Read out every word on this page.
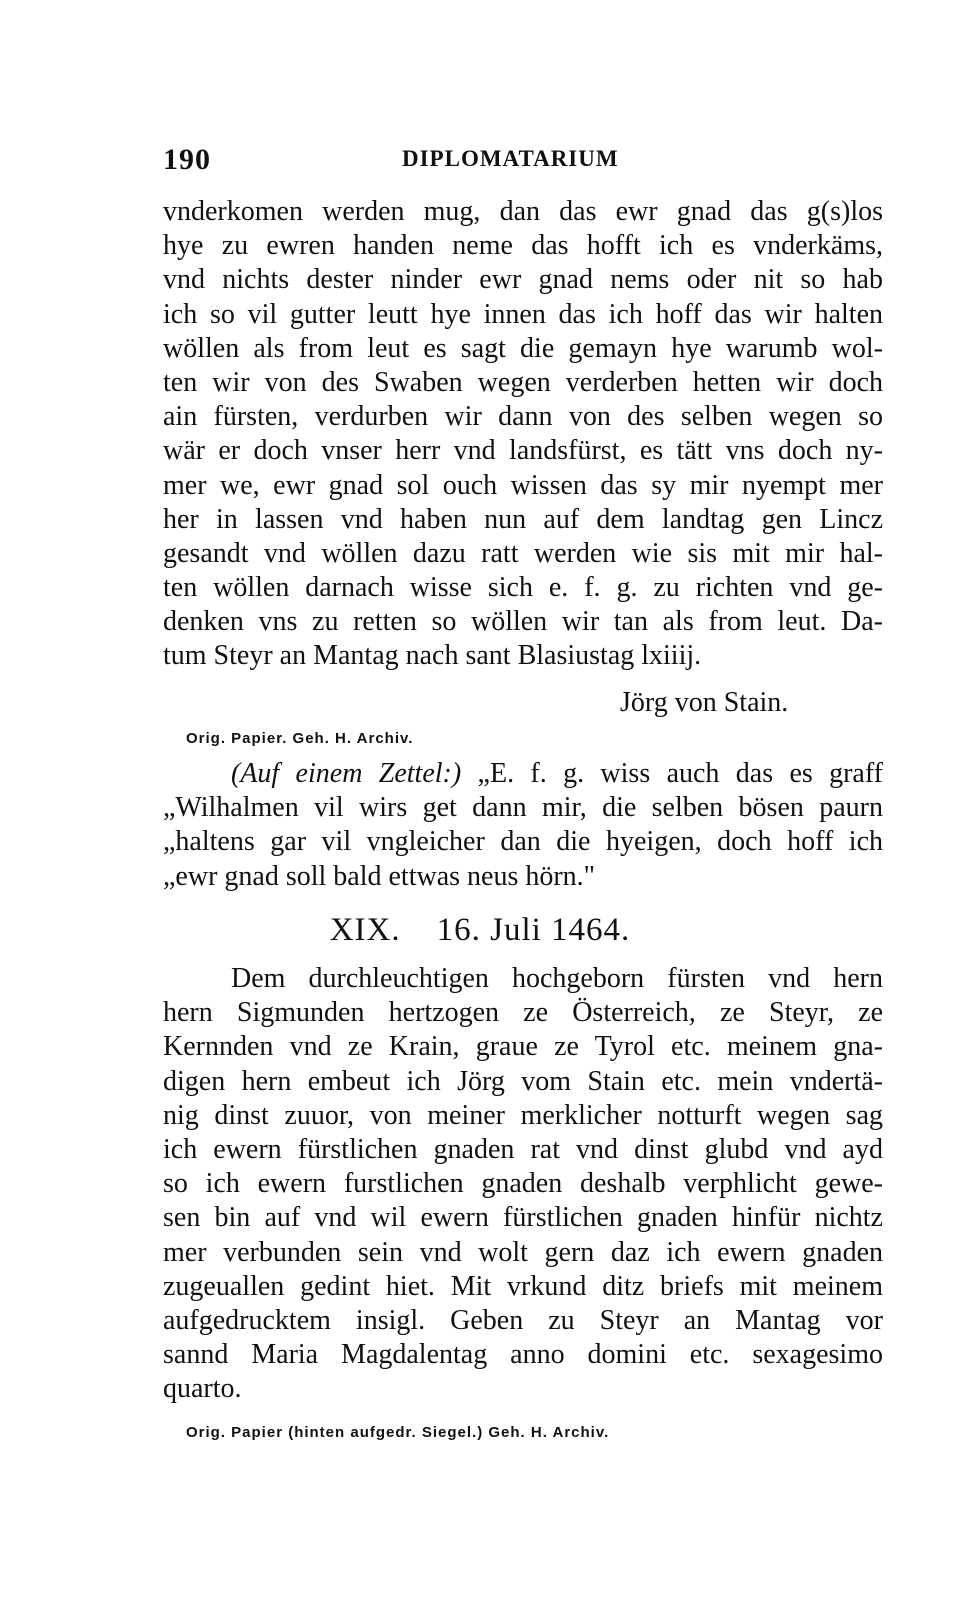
190	DIPLOMATARIUM
vnderkomen werden mug, dan das ewr gnad das g(s)los
hye zu ewren handen neme das hofft ich es vnderkäms,
vnd nichts dester ninder ewr gnad nems oder nit so hab
ich so vil gutter leutt hye innen das ich hoff das wir halten
wöllen als from leut es sagt die gemayn hye warumb wol-
ten wir von des Swaben wegen verderben hetten wir doch
ain fürsten, verdurben wir dann von des selben wegen so
wär er doch vnser herr vnd landsfürst, es tätt vns doch ny-
mer we, ewr gnad sol ouch wissen das sy mir nyempt mer
her in lassen vnd haben nun auf dem landtag gen Lincz
gesandt vnd wöllen dazu ratt werden wie sis mit mir hal-
ten wöllen darnach wisse sich e. f. g. zu richten vnd ge-
denken vns zu retten so wöllen wir tan als from leut. Da-
tum Steyr an Mantag nach sant Blasiustag lxiiij.
Jörg von Stain.
Orig. Papier. Geh. H. Archiv.
(Auf einem Zettel:) „E. f. g. wiss auch das es graff
„Wilhalmen vil wirs get dann mir, die selben bösen paurn
„haltens gar vil vngleicher dan die hyeigen, doch hoff ich
„ewr gnad soll bald ettwas neus hörn."
XIX. 16. Juli 1464.
Dem durchleuchtigen hochgeborn fürsten vnd hern
hern Sigmunden hertzogen ze Österreich, ze Steyr, ze
Kernnden vnd ze Krain, graue ze Tyrol etc. meinem gna-
digen hern embeut ich Jörg vom Stain etc. mein vndertä-
nig dinst zuuor, von meiner merklicher notturft wegen sag
ich ewern fürstlichen gnaden rat vnd dinst glubd vnd ayd
so ich ewern furstlichen gnaden deshalb verphlicht gewe-
sen bin auf vnd wil ewern fürstlichen gnaden hinfür nichtz
mer verbunden sein vnd wolt gern daz ich ewern gnaden
zugeuallen gedint hiet. Mit vrkund ditz briefs mit meinem
aufgedrucktem insigl. Geben zu Steyr an Mantag vor
sannd Maria Magdalentag anno domini etc. sexagesimo
quarto.
Orig. Papier (hinten aufgedr. Siegel.) Geh. H. Archiv.
